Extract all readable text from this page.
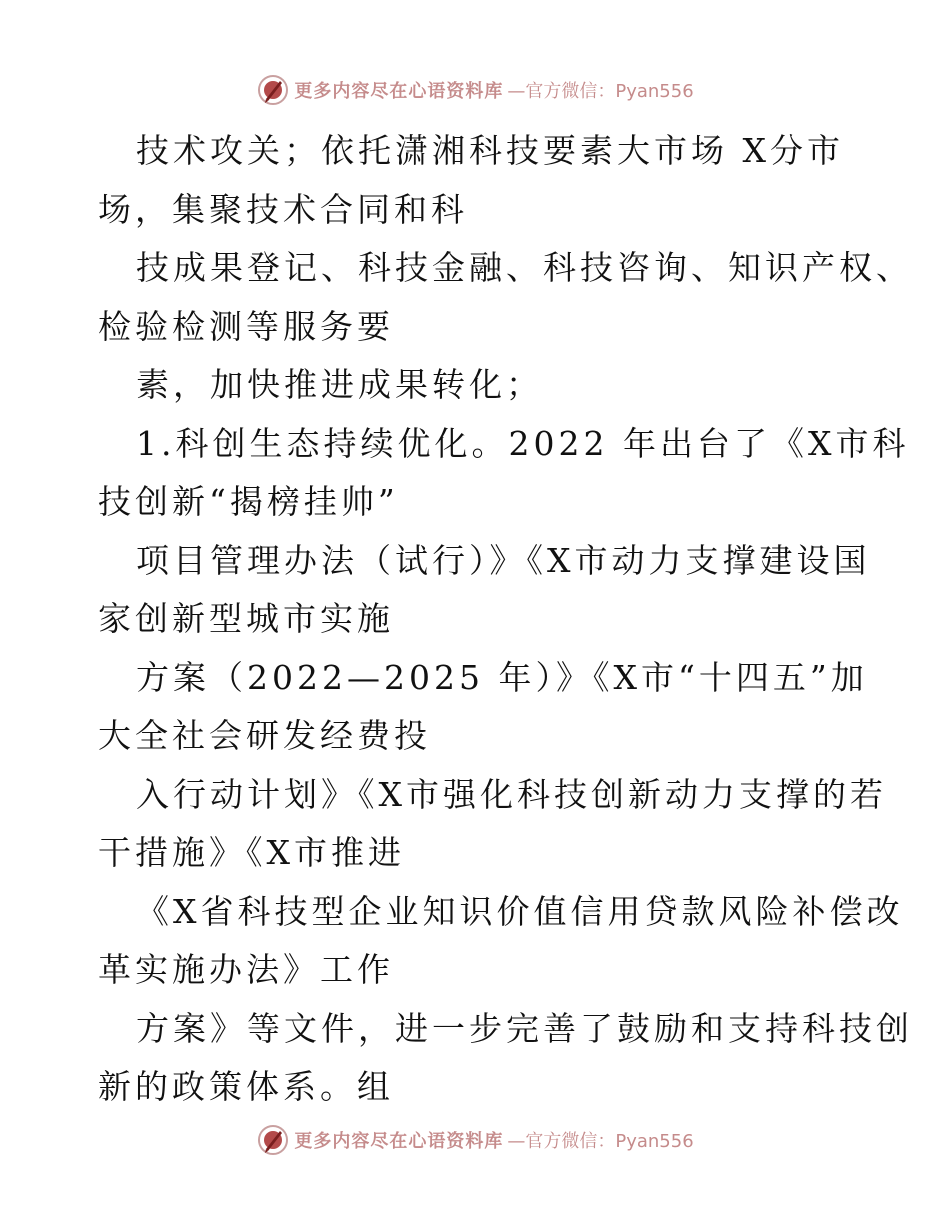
更多内容尽在心语资料库 —官方微信：Pyan556
技术攻关；依托潇湘科技要素大市场 X分市
场，集聚技术合同和科
技成果登记、科技金融、科技咨询、知识产权、
检验检测等服务要
素，加快推进成果转化；
1.科创生态持续优化。2022 年出台了《X市科
技创新“揭榜挂帅”
项目管理办法（试行）》《X市动力支撑建设国
家创新型城市实施
方案（2022—2025 年）》《X市“十四五”加
大全社会研发经费投
入行动计划》《X市强化科技创新动力支撑的若
干措施》《X市推进
《X省科技型企业知识价值信用贷款风险补偿改
革实施办法》工作
方案》等文件，进一步完善了鼓励和支持科技创
新的政策体系。组
更多内容尽在心语资料库 —官方微信：Pyan556
